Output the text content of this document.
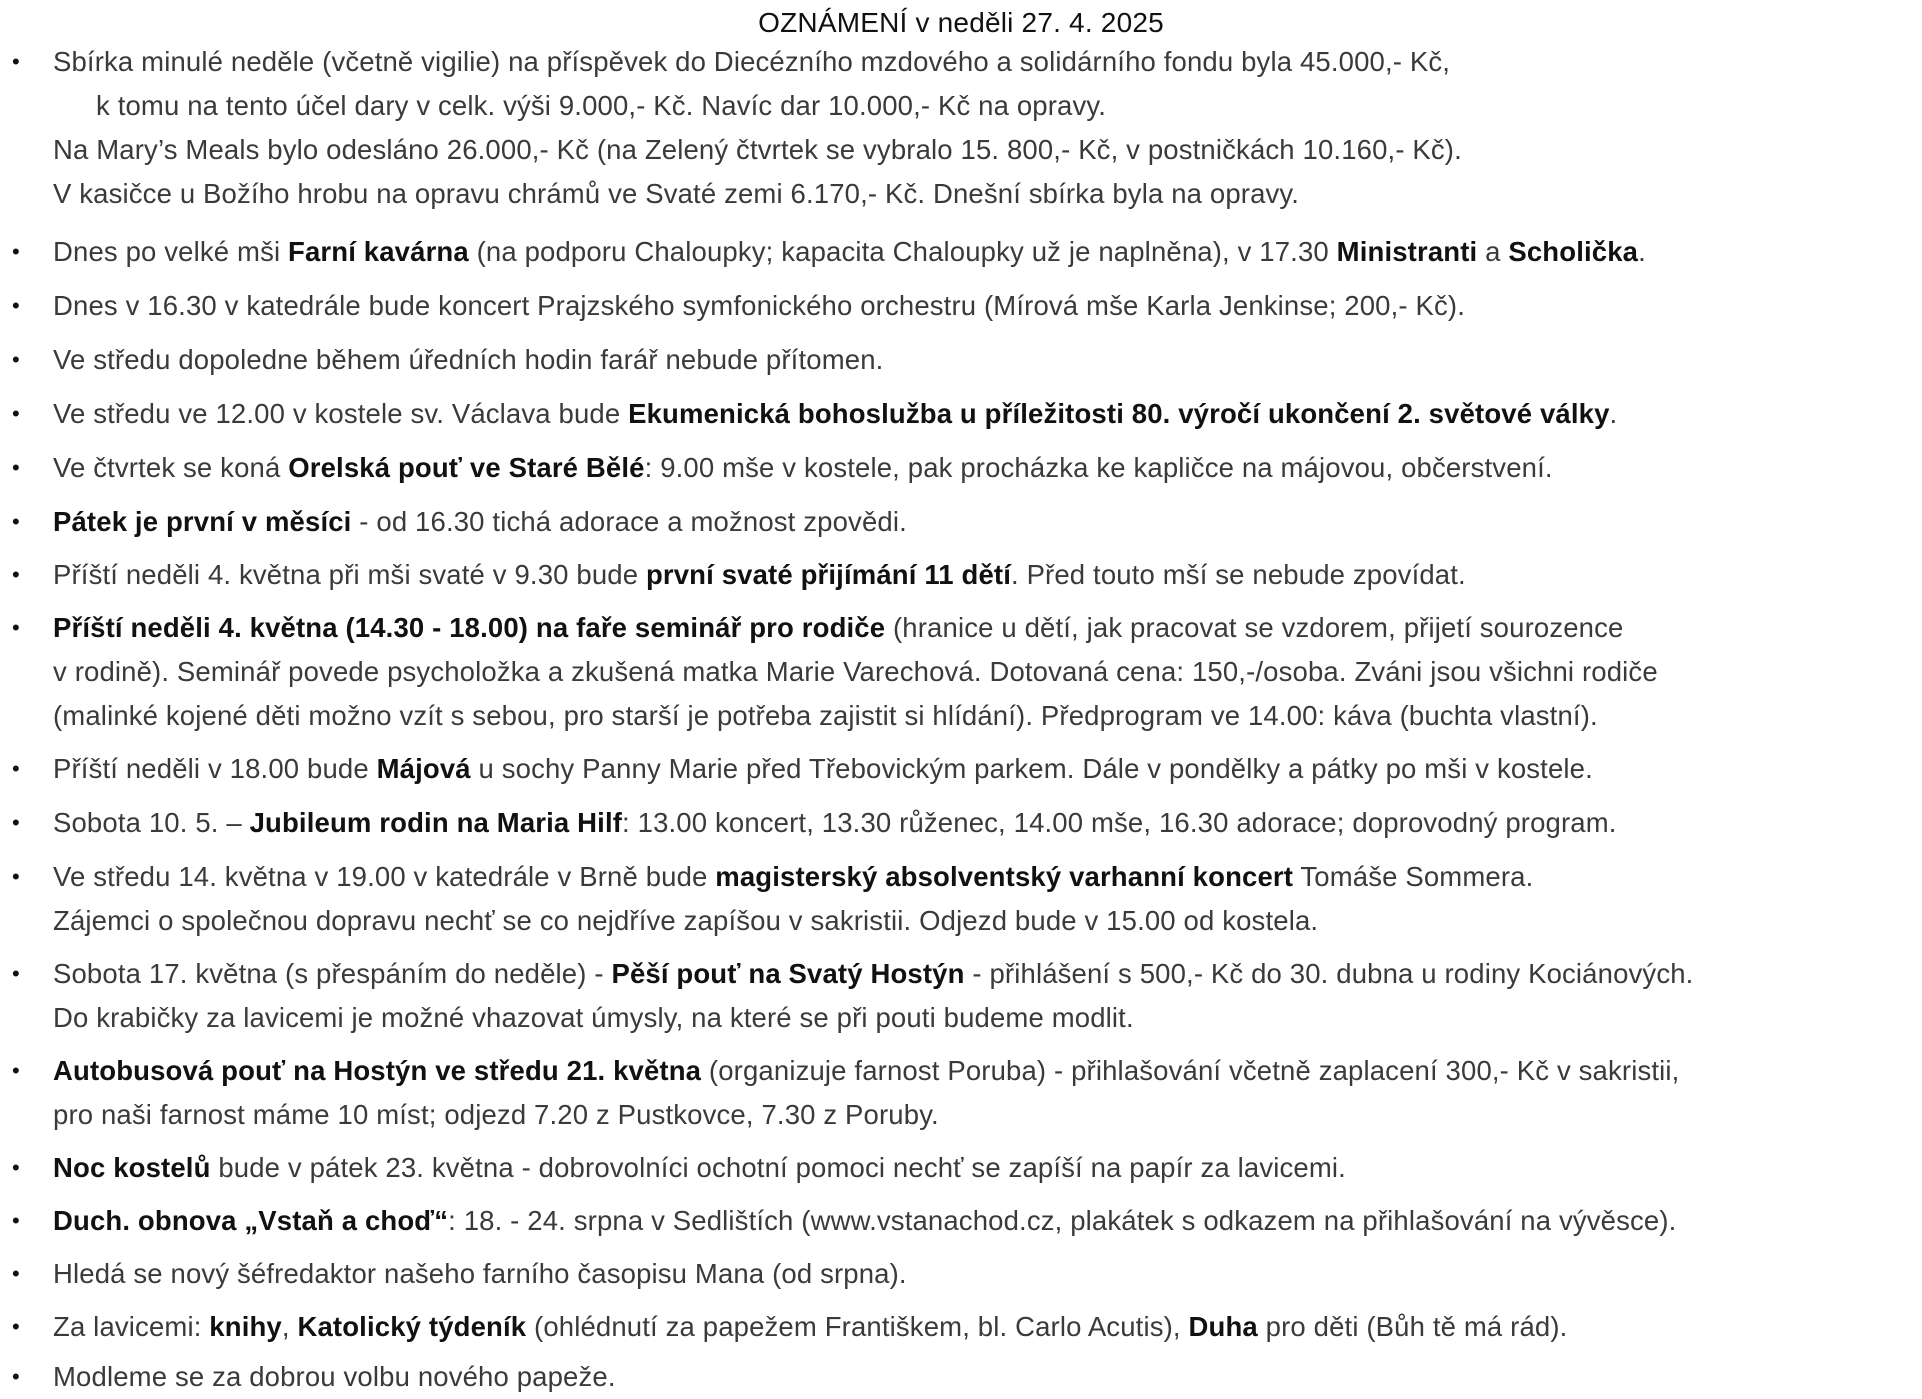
OZNÁMENÍ v neděli 27. 4. 2025
• Sbírka minulé neděle (včetně vigilie) na příspěvek do Diecézního mzdového a solidárního fondu byla 45.000,- Kč,
k tomu na tento účel dary v celk. výši 9.000,- Kč. Navíc dar 10.000,- Kč na opravy.
Na Mary’s Meals bylo odesláno 26.000,- Kč (na Zelený čtvrtek se vybralo 15. 800,- Kč, v postničkách 10.160,- Kč).
V kasičce u Božího hrobu na opravu chrámů ve Svaté zemi 6.170,- Kč. Dnešní sbírka byla na opravy.
• Dnes po velké mši Farní kavárna (na podporu Chaloupky; kapacita Chaloupky už je naplněna), v 17.30 Ministranti a Scholička.
• Dnes v 16.30 v katedrále bude koncert Prajzského symfonického orchestru (Mírová mše Karla Jenkinse; 200,- Kč).
• Ve středu dopoledne během úředních hodin farář nebude přítomen.
• Ve středu ve 12.00 v kostele sv. Václava bude Ekumenická bohoslužba u příležitosti 80. výročí ukončení 2. světové války.
• Ve čtvrtek se koná Orelská pouť ve Staré Bělé: 9.00 mše v kostele, pak procházka ke kapličce na májovou, občerstvení.
• Pátek je první v měsíci - od 16.30 tichá adorace a možnost zpovědi.
• Příští neděli 4. května při mši svaté v 9.30 bude první svaté přijímání 11 dětí. Před touto mší se nebude zpovídat.
• Příští neděli 4. května (14.30 - 18.00) na faře seminář pro rodiče (hranice u dětí, jak pracovat se vzdorem, přijetí sourozence
v rodině). Seminář povede psycholožka a zkušená matka Marie Varechová. Dotovaná cena: 150,-/osoba. Zváni jsou všichni rodiče
(malinké kojené děti možno vzít s sebou, pro starší je potřeba zajistit si hlídání). Předprogram ve 14.00: káva (buchta vlastní).
• Příští neděli v 18.00 bude Májová u sochy Panny Marie před Třebovickým parkem. Dále v pondělky a pátky po mši v kostele.
• Sobota 10. 5. – Jubileum rodin na Maria Hilf: 13.00 koncert, 13.30 růženec, 14.00 mše, 16.30 adorace; doprovodný program.
• Ve středu 14. května v 19.00 v katedrále v Brně bude magisterský absolventský varhanní koncert Tomáše Sommera.
Zájemci o společnou dopravu nechť se co nejdříve zapíšou v sakristii. Odjezd bude v 15.00 od kostela.
• Sobota 17. května (s přespáním do neděle) - Pěší pouť na Svatý Hostýn - přihlášení s 500,- Kč do 30. dubna u rodiny Kociánových.
Do krabičky za lavicemi je možné vhazovat úmysly, na které se při pouti budeme modlit.
• Autobusová pouť na Hostýn ve středu 21. května (organizuje farnost Poruba) - přihlašování včetně zaplacení 300,- Kč v sakristii,
pro naši farnost máme 10 míst; odjezd 7.20 z Pustkovce, 7.30 z Poruby.
• Noc kostelů bude v pátek 23. května - dobrovolníci ochotní pomoci nechť se zapíší na papír za lavicemi.
• Duch. obnova „Vstaň a choď“: 18. - 24. srpna v Sedlištích (www.vstanachod.cz, plakátek s odkazem na přihlašování na vývěsce).
• Hledá se nový šéfredaktor našeho farního časopisu Mana (od srpna).
• Za lavicemi: knihy, Katolický týdeník (ohlédnutí za papežem Františkem, bl. Carlo Acutis), Duha pro děti (Bůh tě má rád).
• Modleme se za dobrou volbu nového papeže.
